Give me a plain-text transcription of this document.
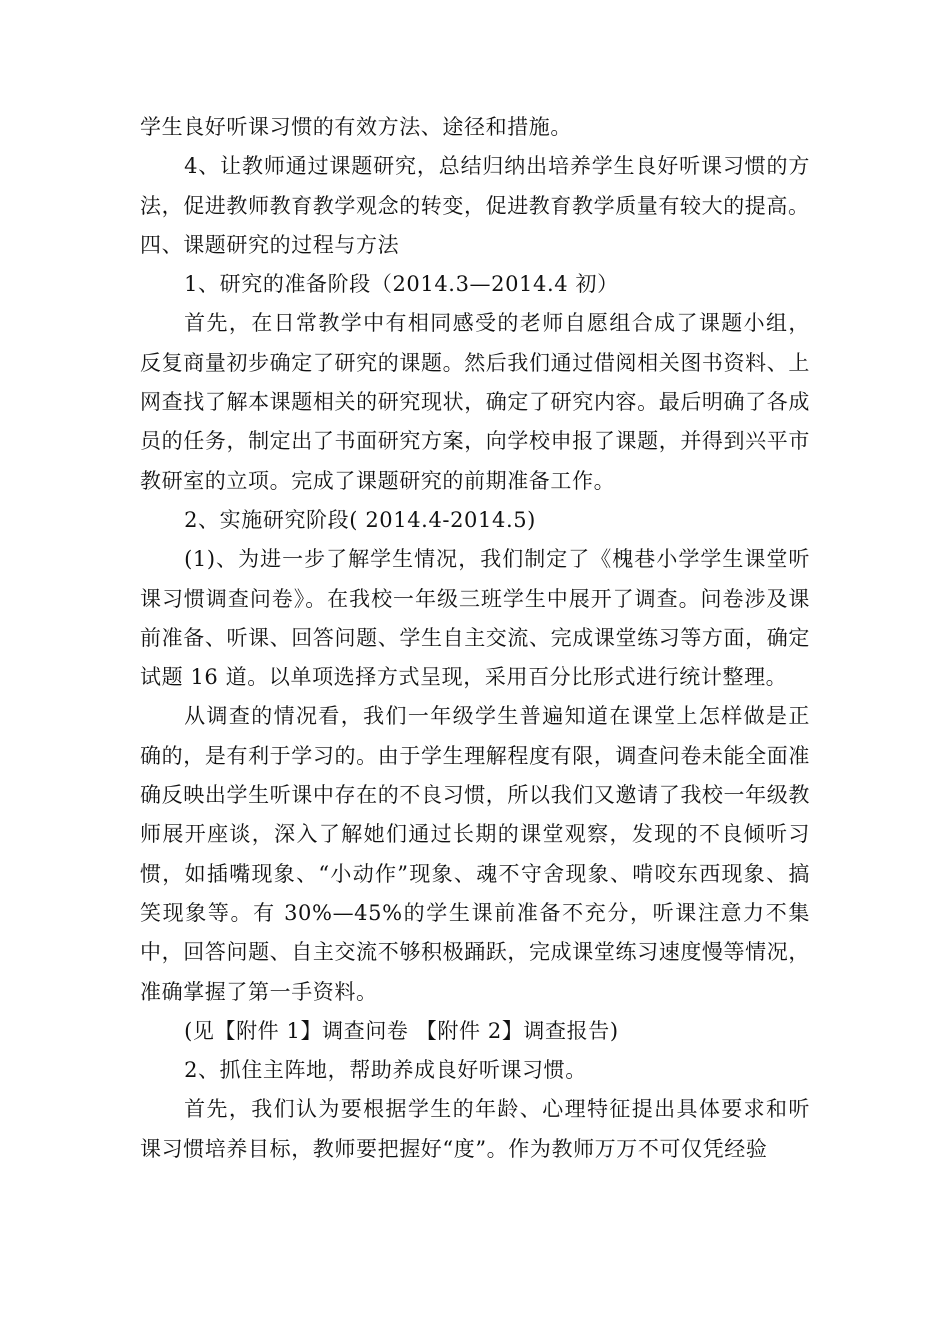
学生良好听课习惯的有效方法、途径和措施。

4、让教师通过课题研究，总结归纳出培养学生良好听课习惯的方法，促进教师教育教学观念的转变，促进教育教学质量有较大的提高。

四、课题研究的过程与方法

1、研究的准备阶段（2014.3—2014.4 初）

首先，在日常教学中有相同感受的老师自愿组合成了课题小组，反复商量初步确定了研究的课题。然后我们通过借阅相关图书资料、上网查找了解本课题相关的研究现状，确定了研究内容。最后明确了各成员的任务，制定出了书面研究方案，向学校申报了课题，并得到兴平市教研室的立项。完成了课题研究的前期准备工作。

2、实施研究阶段( 2014.4-2014.5)

(1)、为进一步了解学生情况，我们制定了《槐巷小学学生课堂听课习惯调查问卷》。在我校一年级三班学生中展开了调查。问卷涉及课前准备、听课、回答问题、学生自主交流、完成课堂练习等方面，确定试题 16 道。以单项选择方式呈现，采用百分比形式进行统计整理。

从调查的情况看，我们一年级学生普遍知道在课堂上怎样做是正确的，是有利于学习的。由于学生理解程度有限，调查问卷未能全面准确反映出学生听课中存在的不良习惯，所以我们又邀请了我校一年级教师展开座谈，深入了解她们通过长期的课堂观察，发现的不良倾听习惯，如插嘴现象、“小动作”现象、魂不守舍现象、啃咬东西现象、搞笑现象等。有 30%—45%的学生课前准备不充分，听课注意力不集中，回答问题、自主交流不够积极踊跃，完成课堂练习速度慢等情况，准确掌握了第一手资料。

(见【附件 1】调查问卷 【附件 2】调查报告)

2、抓住主阵地，帮助养成良好听课习惯。

首先，我们认为要根据学生的年龄、心理特征提出具体要求和听课习惯培养目标，教师要把握好“度”。作为教师万万不可仅凭经验
